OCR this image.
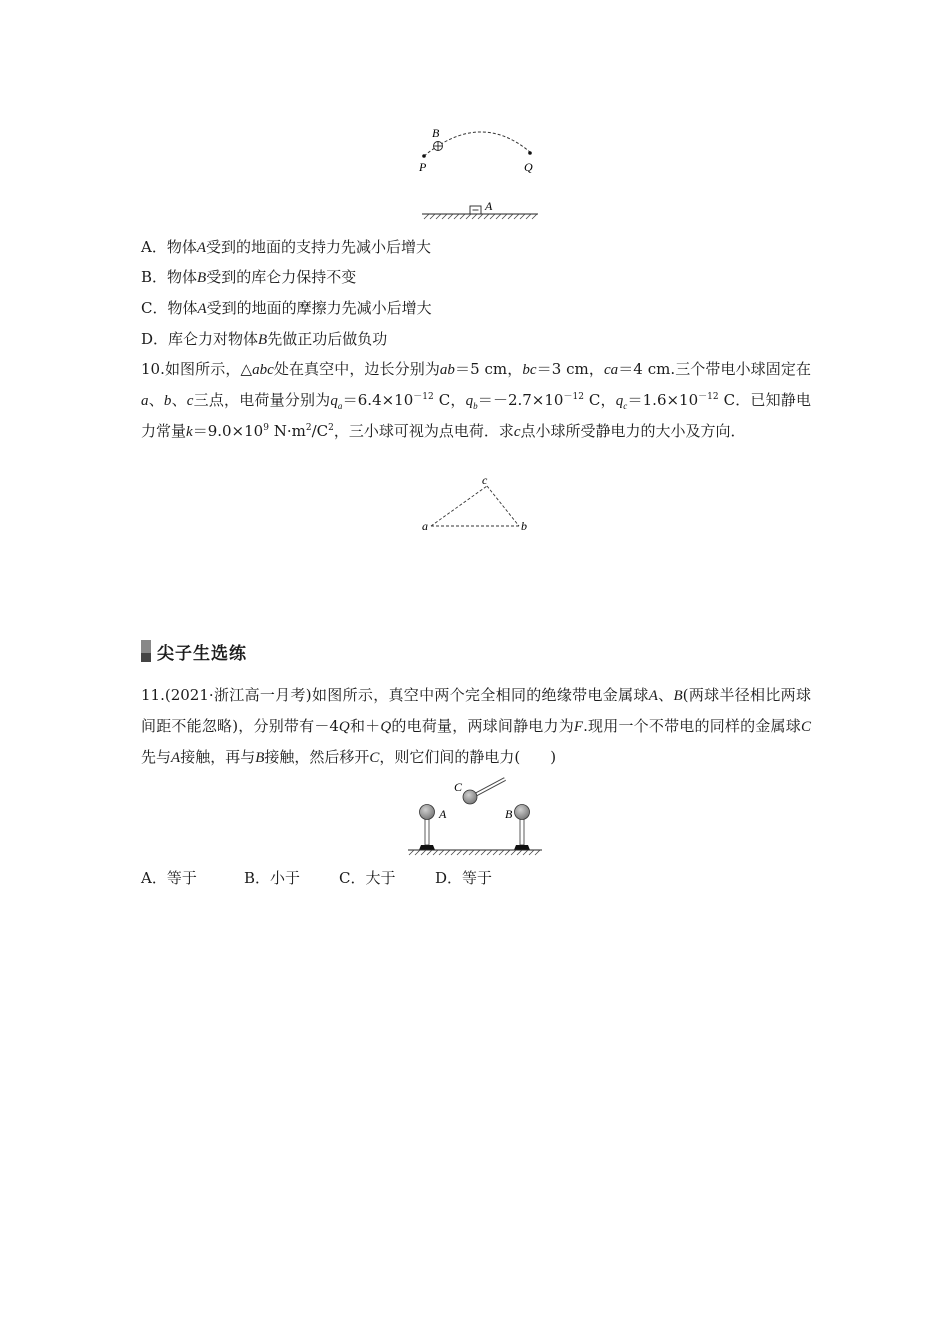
B
P	Q
A
A．物体A受到的地面的支持力先减小后增大
B．物体B受到的库仑力保持不变
C．物体A受到的地面的摩擦力先减小后增大
D．库仑力对物体B先做正功后做负功
10.如图所示，△abc处在真空中，边长分别为ab＝5 cm，bc＝3 cm，ca＝4 cm.三个带电小球固定在a、b、c三点，电荷量分别为$q_a=6.4\times 10^{-12}$ C，$q_b=-2.7\times 10^{-12}$ C，$q_c=1.6\times 10^{-12}$ C．已知静电力常量$k=9.0\times 10^9$ $N\cdot m^2/C^2$，三小球可视为点电荷．求c点小球所受静电力的大小及方向．
a	b
c
尖子生选练
11.(2021·浙江高一月考)如图所示，真空中两个完全相同的绝缘带电金属球A、B(两球半径相比两球间距不能忽略)，分别带有－4Q和＋Q的电荷量，两球间静电力为F.现用一个不带电的同样的金属球C先与A接触，再与B接触，然后移开C，则它们间的静电力(　　)
C
A	B
A．等于	B．小于	C．大于	D．等于
